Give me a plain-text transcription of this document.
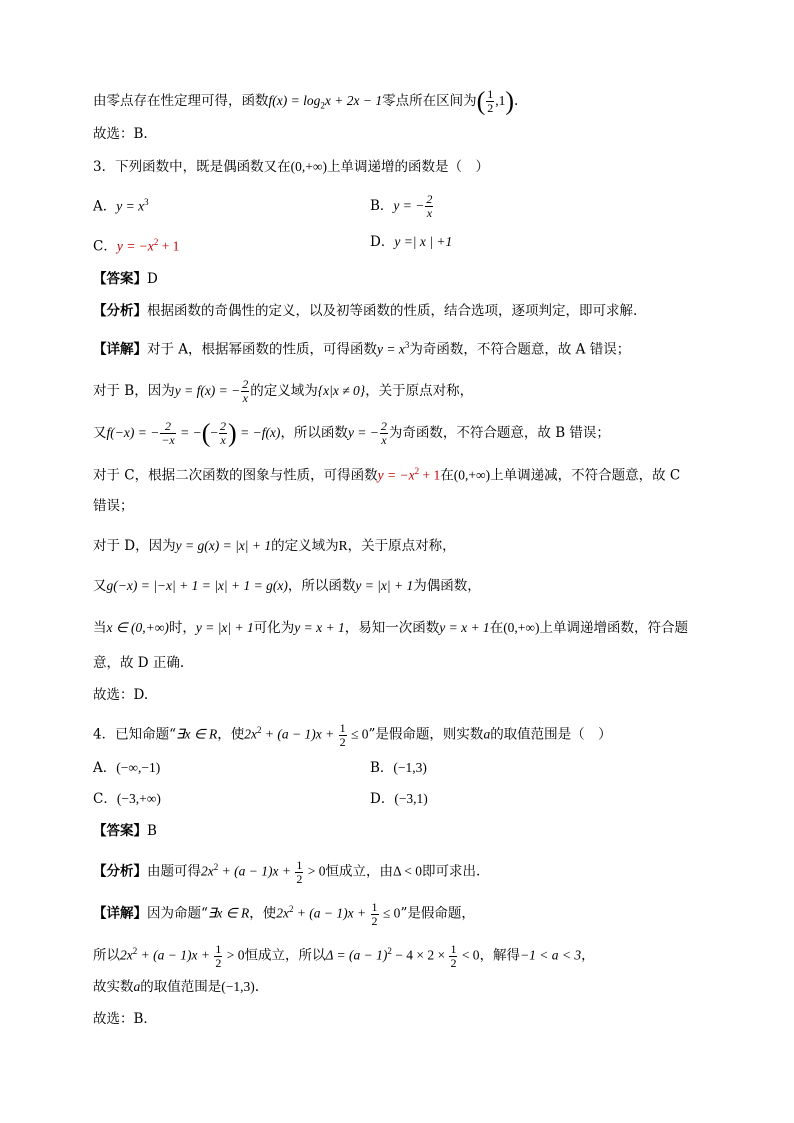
由零点存在性定理可得，函数$f(x) = \log_2x + 2x - 1$零点所在区间为( $\frac{1}{2} ,1$).
故选：B.
3．下列函数中，既是偶函数又在(0,+∞)上单调递增的函数是（　）
A．$y = x^3$	B．y = − $\frac{2}{x}$
C．$y = -x^2 + 1$	D．y =| x | +1
【答案】D
【分析】根据函数的奇偶性的定义，以及初等函数的性质，结合选项，逐项判定，即可求解.
【详解】对于 A，根据幂函数的性质，可得函数$y = x^3$为奇函数，不符合题意，故 A 错误；
对于 B，因为y = f(x) = − $\frac{2}{x}$ 的定义域为{x|x ≠ 0}，关于原点对称，
又f(−x) = − $\frac{2}{-x}$ = −(− $\frac{2}{x}$ ) = −f(x)，所以函数y = − $\frac{2}{x}$ 为奇函数，不符合题意，故 B 错误；
对于 C，根据二次函数的图象与性质，可得函数$y = -x^2 + 1$在(0,+∞)上单调递减，不符合题意，故 C
错误；
对于 D，因为y = g(x) = |x| + 1的定义域为R，关于原点对称，
又g(−x) = |−x| + 1 = |x| + 1 = g(x)，所以函数y = |x| + 1为偶函数，
当x ∈ (0,+∞)时，y = |x| + 1可化为y = x + 1，易知一次函数y = x + 1在(0,+∞)上单调递增函数，符合题
意，故 D 正确.
故选：D.
4．已知命题“∃x ∈ R，使$2x^2 + (a - 1)x + \frac{1}{2} \le 0$”是假命题，则实数a的取值范围是（　）
A．(−∞,−1)	B．(−1,3)
C．(−3,+∞)	D．(−3,1)
【答案】B
【分析】由题可得$2x^2 + (a - 1)x + \frac{1}{2} > 0$恒成立，由Δ < 0即可求出.
【详解】因为命题“∃x ∈ R，使$2x^2 + (a - 1)x + \frac{1}{2} \le 0$”是假命题，
所以$2x^2 + (a - 1)x + \frac{1}{2} > 0$恒成立，所以$\Delta = (a - 1)^2 - 4 \times 2 \times \frac{1}{2} < 0$，解得−1 < a < 3，
故实数a的取值范围是(−1,3).
故选：B．
